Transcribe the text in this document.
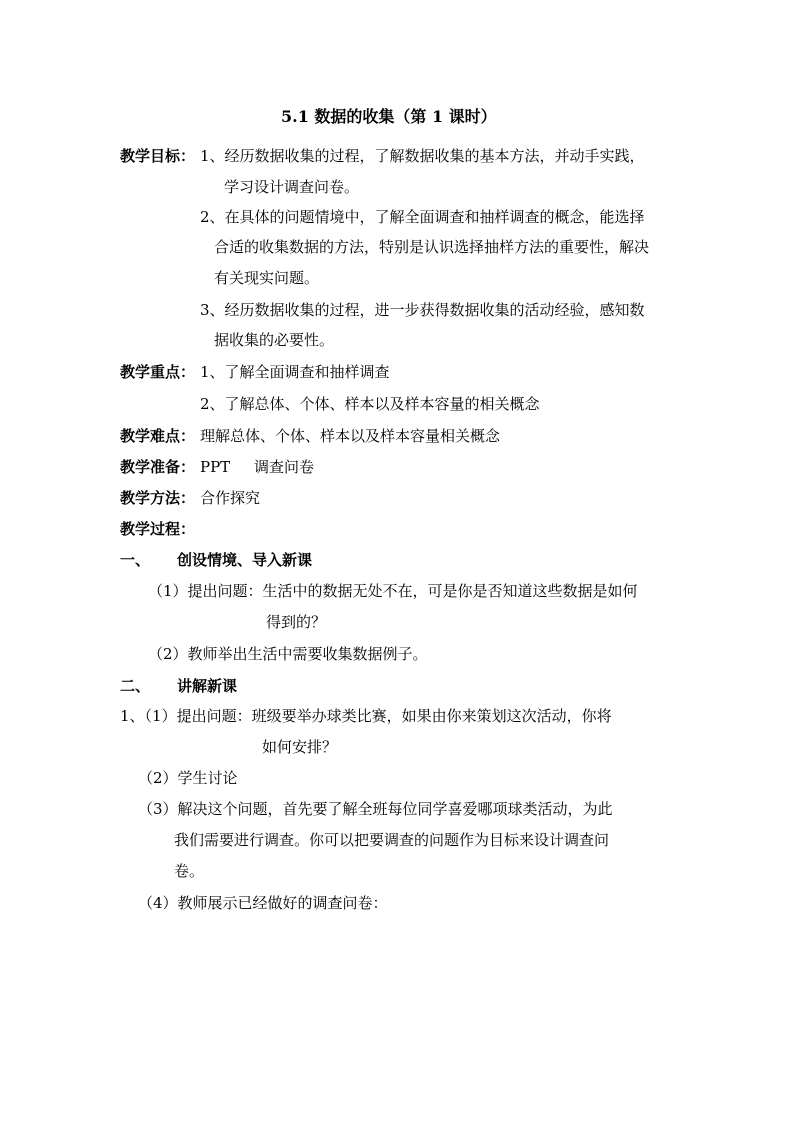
5.1 数据的收集（第 1 课时）
教学目标： 1、经历数据收集的过程，了解数据收集的基本方法，并动手实践，
学习设计调查问卷。
2、在具体的问题情境中，了解全面调查和抽样调查的概念，能选择
合适的收集数据的方法，特别是认识选择抽样方法的重要性，解决
有关现实问题。
3、经历数据收集的过程，进一步获得数据收集的活动经验，感知数
据收集的必要性。
教学重点： 1、了解全面调查和抽样调查
2、了解总体、个体、样本以及样本容量的相关概念
教学难点： 理解总体、个体、样本以及样本容量相关概念
教学准备： PPT     调查问卷
教学方法： 合作探究
教学过程：
一、 创设情境、导入新课
（1）提出问题：生活中的数据无处不在，可是你是否知道这些数据是如何
得到的？
（2）教师举出生活中需要收集数据例子。
二、 讲解新课
1、（1）提出问题：班级要举办球类比赛，如果由你来策划这次活动，你将
如何安排？
（2）学生讨论
（3）解决这个问题，首先要了解全班每位同学喜爱哪项球类活动，为此
我们需要进行调查。你可以把要调查的问题作为目标来设计调查问
卷。
（4）教师展示已经做好的调查问卷：
